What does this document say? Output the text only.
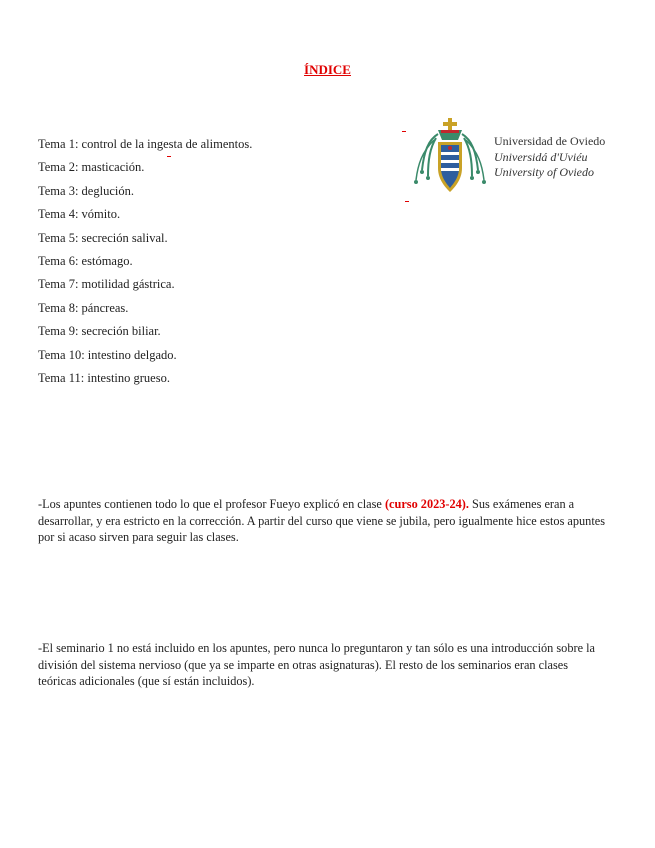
ÍNDICE
Tema 1: control de la ingesta de alimentos.
Tema 2: masticación.
Tema 3: deglución.
Tema 4: vómito.
Tema 5: secreción salival.
Tema 6: estómago.
Tema 7: motilidad gástrica.
Tema 8: páncreas.
Tema 9: secreción biliar.
Tema 10: intestino delgado.
Tema 11: intestino grueso.
Universidad de Oviedo
Universidá d'Uviéu
University of Oviedo

-Los apuntes contienen todo lo que el profesor Fueyo explicó en clase (curso 2023-24). Sus exámenes eran a desarrollar, y era estricto en la corrección. A partir del curso que viene se jubila, pero igualmente hice estos apuntes por si acaso sirven para seguir las clases.

-El seminario 1 no está incluido en los apuntes, pero nunca lo preguntaron y tan sólo es una introducción sobre la división del sistema nervioso (que ya se imparte en otras asignaturas). El resto de los seminarios eran clases teóricas adicionales (que sí están incluidos).
